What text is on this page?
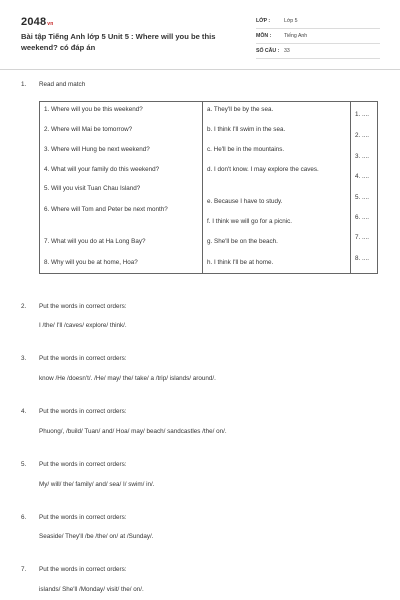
2048vn
Bài tập Tiếng Anh lớp 5 Unit 5 : Where will you be this weekend? có đáp án
LỚP :	Lớp 5
MÔN : Tiếng Anh
SỐ CÂU : 33
1. Read and match
1. Where will you be this weekend?
2. Where will Mai be tomorrow?
3. Where will Hung be next weekend?
4. What will your family do this weekend?
5. Will you visit Tuan Chau Island?
6. Where will Tom and Peter be next month?
7. What will you do at Ha Long Bay?
8. Why will you be at home, Hoa?
a. They'll be by the sea.
b. I think I'll swim in the sea.
c. He'll be in the mountains.
d. I don't know. I may explore the caves.
e. Because I have to study.
f. I think we will go for a picnic.
g. She'll be on the beach.
h. I think I'll be at home.
1. ....
2. ....
3. ....
4. ....
5. ....
6. ....
7. ....
8. ....
2. Put the words in correct orders:
I /the/ I'll /caves/ explore/ think/.
3. Put the words in correct orders:
know /He /doesn't/. /He/ may/ the/ take/ a /trip/ islands/ around/.
4. Put the words in correct orders:
Phuong/, /build/ Tuan/ and/ Hoa/ may/ beach/ sandcastles /the/ on/.
5. Put the words in correct orders:
My/ will/ the/ family/ and/ sea/ I/ swim/ in/.
6. Put the words in correct orders:
Seaside/ They'll /be /the/ on/ at /Sunday/.
7. Put the words in correct orders:
islands/ She'll /Monday/ visit/ the/ on/.
